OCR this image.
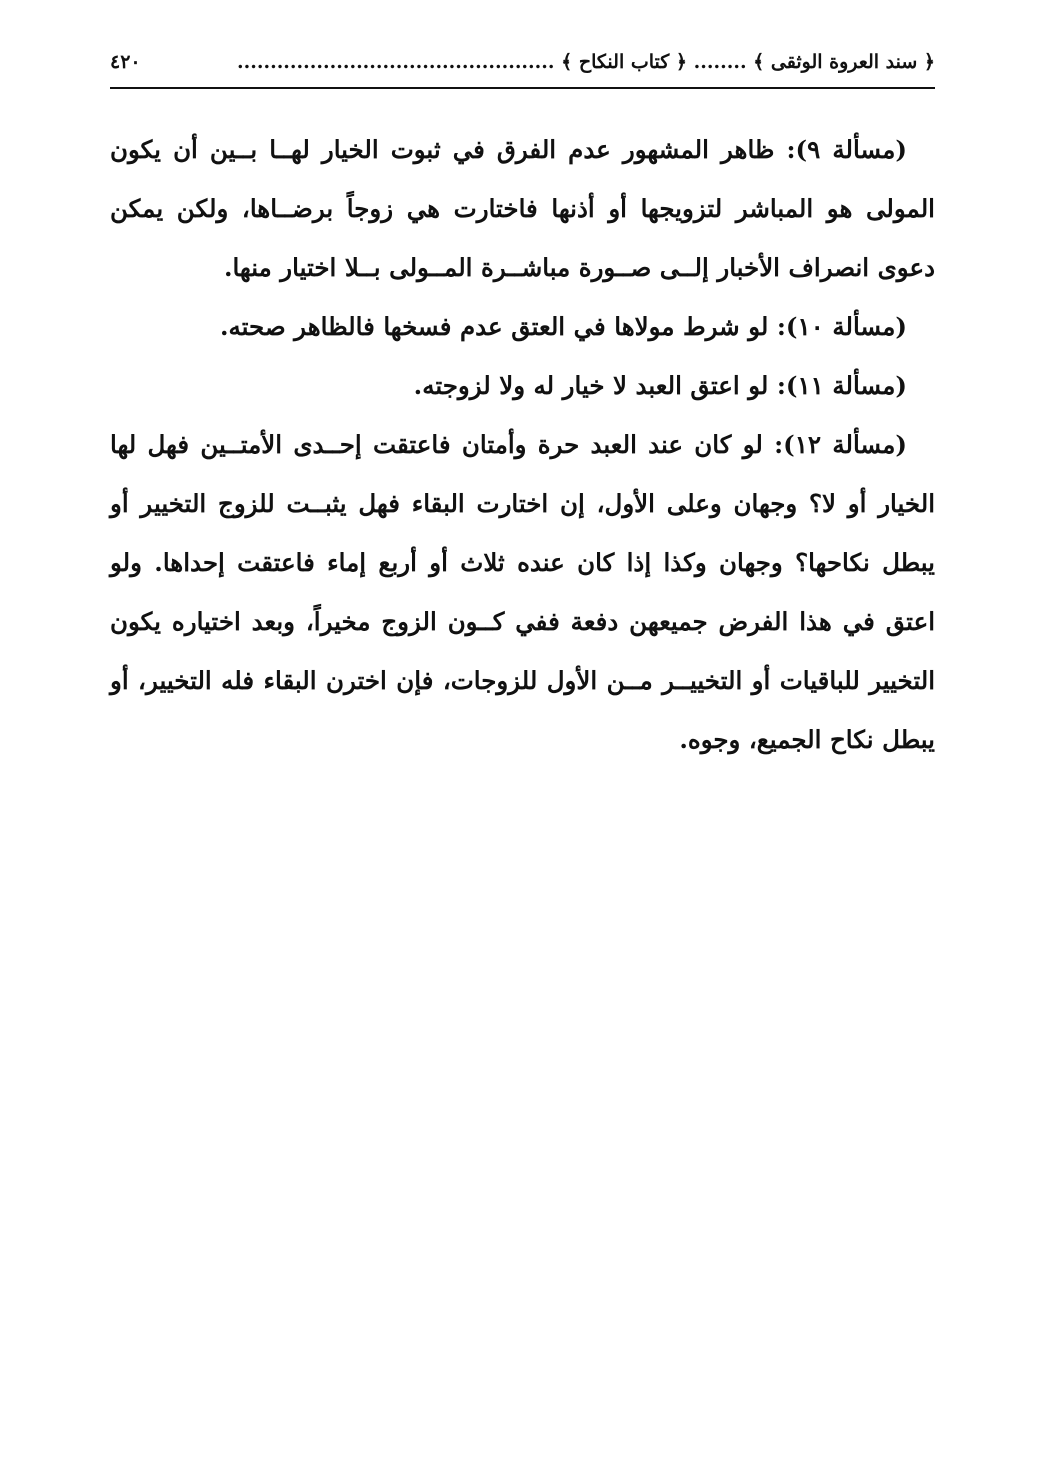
﴿ سند العروة الوثقى ﴾ ........ ﴿ كتاب النكاح ﴾ ................................................
٤٢٠

(مسألة ٩): ظاهر المشهور عدم الفرق في ثبوت الخيار لهــا بــين أن يكون المولى هو المباشر لتزويجها أو أذنها فاختارت هي زوجاً برضــاها، ولكن يمكن دعوى انصراف الأخبار إلــى صــورة مباشــرة المــولى بــلا اختيار منها.

(مسألة ١٠): لو شرط مولاها في العتق عدم فسخها فالظاهر صحته.

(مسألة ١١): لو اعتق العبد لا خيار له ولا لزوجته.

(مسألة ١٢): لو كان عند العبد حرة وأمتان فاعتقت إحــدى الأمتــين فهل لها الخيار أو لا؟ وجهان وعلى الأول، إن اختارت البقاء فهل يثبــت للزوج التخيير أو يبطل نكاحها؟ وجهان وكذا إذا كان عنده ثلاث أو أربع إماء فاعتقت إحداها. ولو اعتق في هذا الفرض جميعهن دفعة ففي كــون الزوج مخيراً، وبعد اختياره يكون التخيير للباقيات أو التخييــر مــن الأول للزوجات، فإن اخترن البقاء فله التخيير، أو يبطل نكاح الجميع، وجوه.
